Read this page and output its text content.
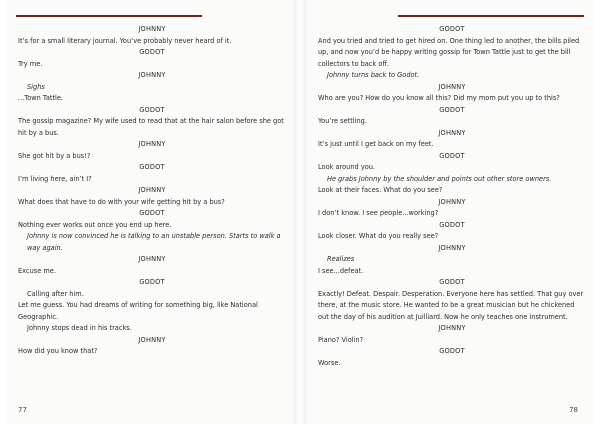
JOHNNY
It’s for a small literary journal. You’ve probably never heard of it.
GODOT
Try me.
JOHNNY
Sighs
...Town Tattle.
GODOT
The gossip magazine? My wife used to read that at the hair salon before she got hit by a bus.
JOHNNY
She got hit by a bus!?
GODOT
I’m living here, ain’t I?
JOHNNY
What does that have to do with your wife getting hit by a bus?
GODOT
Nothing ever works out once you end up here.
Johnny is now convinced he is talking to an unstable person. Starts to walk a way again.
JOHNNY
Excuse me.
GODOT
Calling after him.
Let me guess. You had dreams of writing for something big, like National Geographic.
Johnny stops dead in his tracks.
JOHNNY
How did you know that?
77
GODOT
And you tried and tried to get hired on. One thing led to another, the bills piled up, and now you’d be happy writing gossip for Town Tattle just to get the bill collectors to back off.
Johnny turns back to Godot.
JOHNNY
Who are you? How do you know all this? Did my mom put you up to this?
GODOT
You’re settling.
JOHNNY
It’s just until I get back on my feet.
GODOT
Look around you.
He grabs Johnny by the shoulder and points out other store owners.
Look at their faces. What do you see?
JOHNNY
I don’t know. I see people...working?
GODOT
Look closer. What do you really see?
JOHNNY
Realizes
I see...defeat.
GODOT
Exactly! Defeat. Despair. Desperation. Everyone here has settled. That guy over there, at the music store. He wanted to be a great musician but he chickened out the day of his audition at Juilliard. Now he only teaches one instrument.
JOHNNY
Piano? Violin?
GODOT
Worse.
78
